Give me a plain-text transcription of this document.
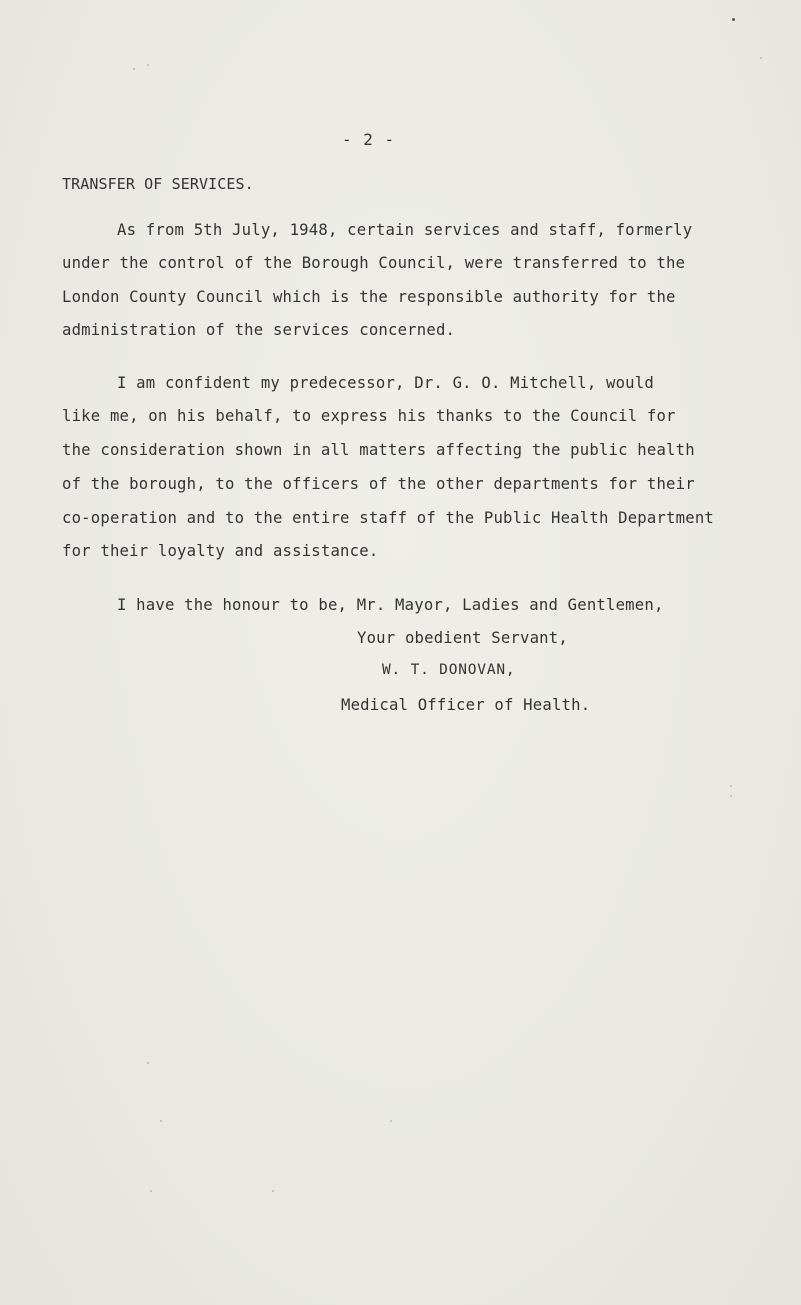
- 2 -
TRANSFER OF SERVICES.
As from 5th July, 1948, certain services and staff, formerly
under the control of the Borough Council, were transferred to the
London County Council which is the responsible authority for the
administration of the services concerned.
I am confident my predecessor, Dr. G. O. Mitchell, would
like me, on his behalf, to express his thanks to the Council for
the consideration shown in all matters affecting the public health
of the borough, to the officers of the other departments for their
co-operation and to the entire staff of the Public Health Department
for their loyalty and assistance.
I have the honour to be, Mr. Mayor, Ladies and Gentlemen,
Your obedient Servant,
W. T. DONOVAN,
Medical Officer of Health.
